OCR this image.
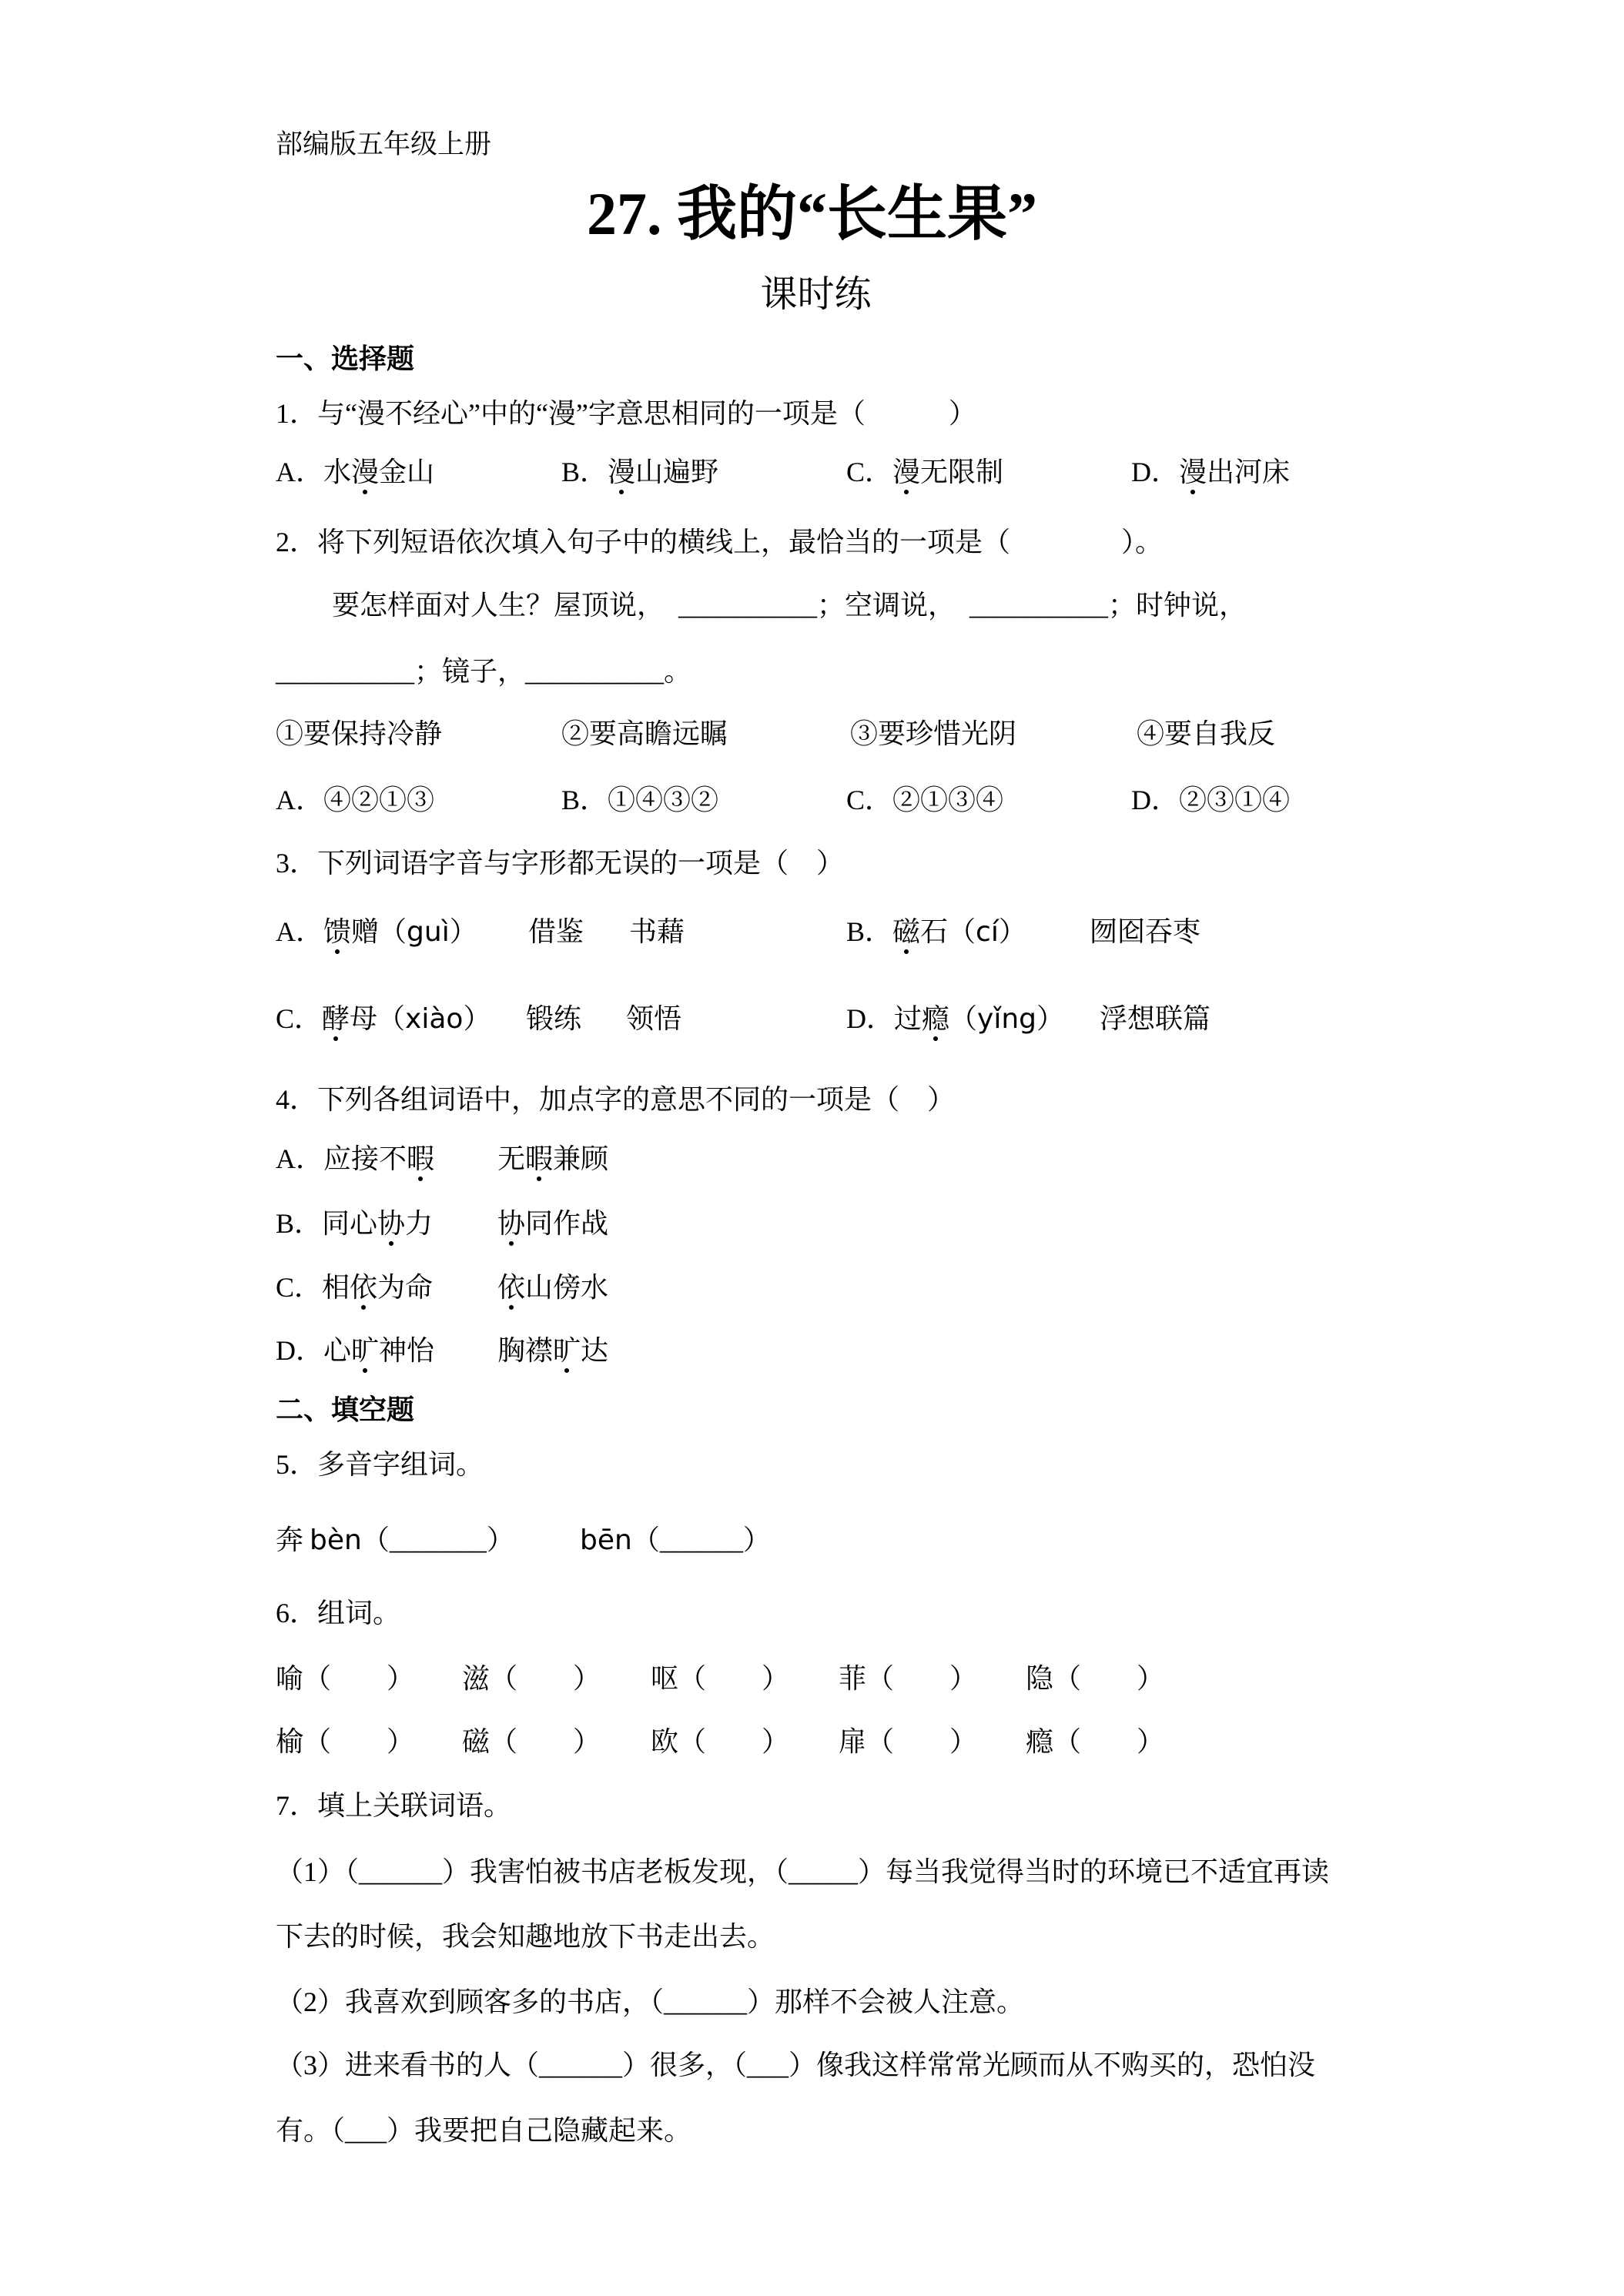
部编版五年级上册
27. 我的“长生果”
课时练
一、选择题
1．与“漫不经心”中的“漫”字意思相同的一项是（　　　）
A．水漫金山	B．漫山遍野	C．漫无限制	D．漫出河床
2．将下列短语依次填入句子中的横线上，最恰当的一项是（　　　　）。
要怎样面对人生？屋顶说，　__________；空调说，　__________；时钟说，
__________；镜子，__________。
①要保持冷静	②要高瞻远瞩	③要珍惜光阴	④要自我反
A．④②①③	B．①④③②	C．②①③④	D．②③①④
3．下列词语字音与字形都无误的一项是（　）
A．馈赠（guì） 借鉴 书藉	B．磁石（cí） 囫囵吞枣
C．酵母（xiào） 锻练 领悟	D．过瘾（yǐng） 浮想联篇
4．下列各组词语中，加点字的意思不同的一项是（　）
A．应接不暇 无暇兼顾
B．同心协力 协同作战
C．相依为命 依山傍水
D．心旷神怡 胸襟旷达
二、填空题
5．多音字组词。
奔 bèn（_______） bēn（______）
6．组词。
喻（　　） 滋（　　） 呕（　　） 菲（　　） 隐（　　）
榆（　　） 磁（　　） 欧（　　） 扉（　　） 瘾（　　）
7．填上关联词语。
（1）（______）我害怕被书店老板发现，（_____）每当我觉得当时的环境已不适宜再读
下去的时候，我会知趣地放下书走出去。
（2）我喜欢到顾客多的书店，（______）那样不会被人注意。
（3）进来看书的人（______）很多，（___）像我这样常常光顾而从不购买的，恐怕没
有。（___）我要把自己隐藏起来。
